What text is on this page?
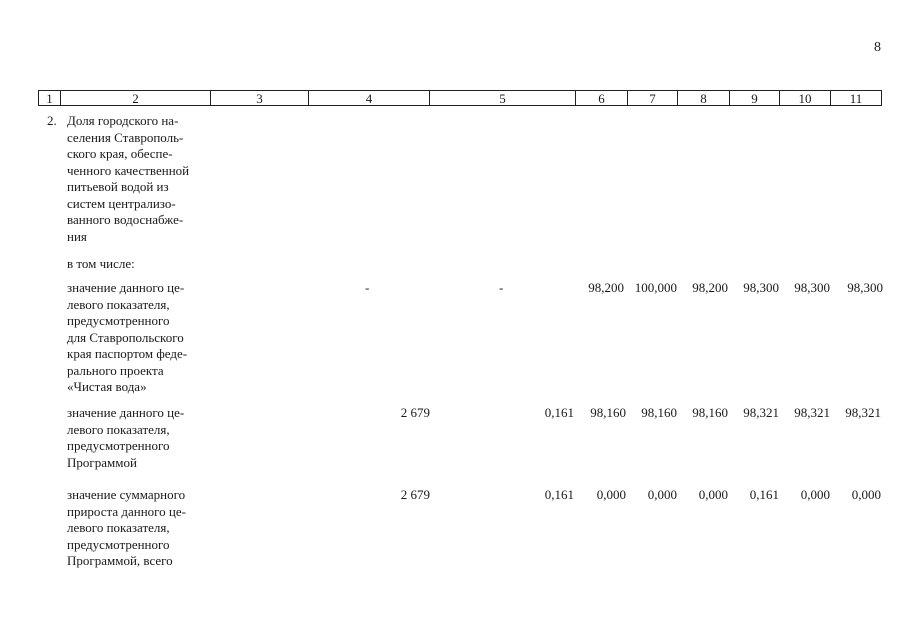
8
1	2	3	4	5	6	7	8	9	10	11
2. Доля городского на-
селения Ставрополь-
ского края, обеспе-
ченного качественной
питьевой водой из
систем централизо-
ванного водоснабже-
ния
в том числе:
значение данного це-
левого показателя,
предусмотренного
для Ставропольского
края паспортом феде-
рального проекта
«Чистая вода»
-	-	98,200 100,000 98,200 98,300 98,300 98,300
значение данного це-
левого показателя,
предусмотренного
Программой
2 679	0,161 98,160 98,160 98,160 98,321 98,321 98,321
значение суммарного
прироста данного це-
левого показателя,
предусмотренного
Программой, всего
2 679	0,161 0,000 0,000 0,000 0,161 0,000 0,000
